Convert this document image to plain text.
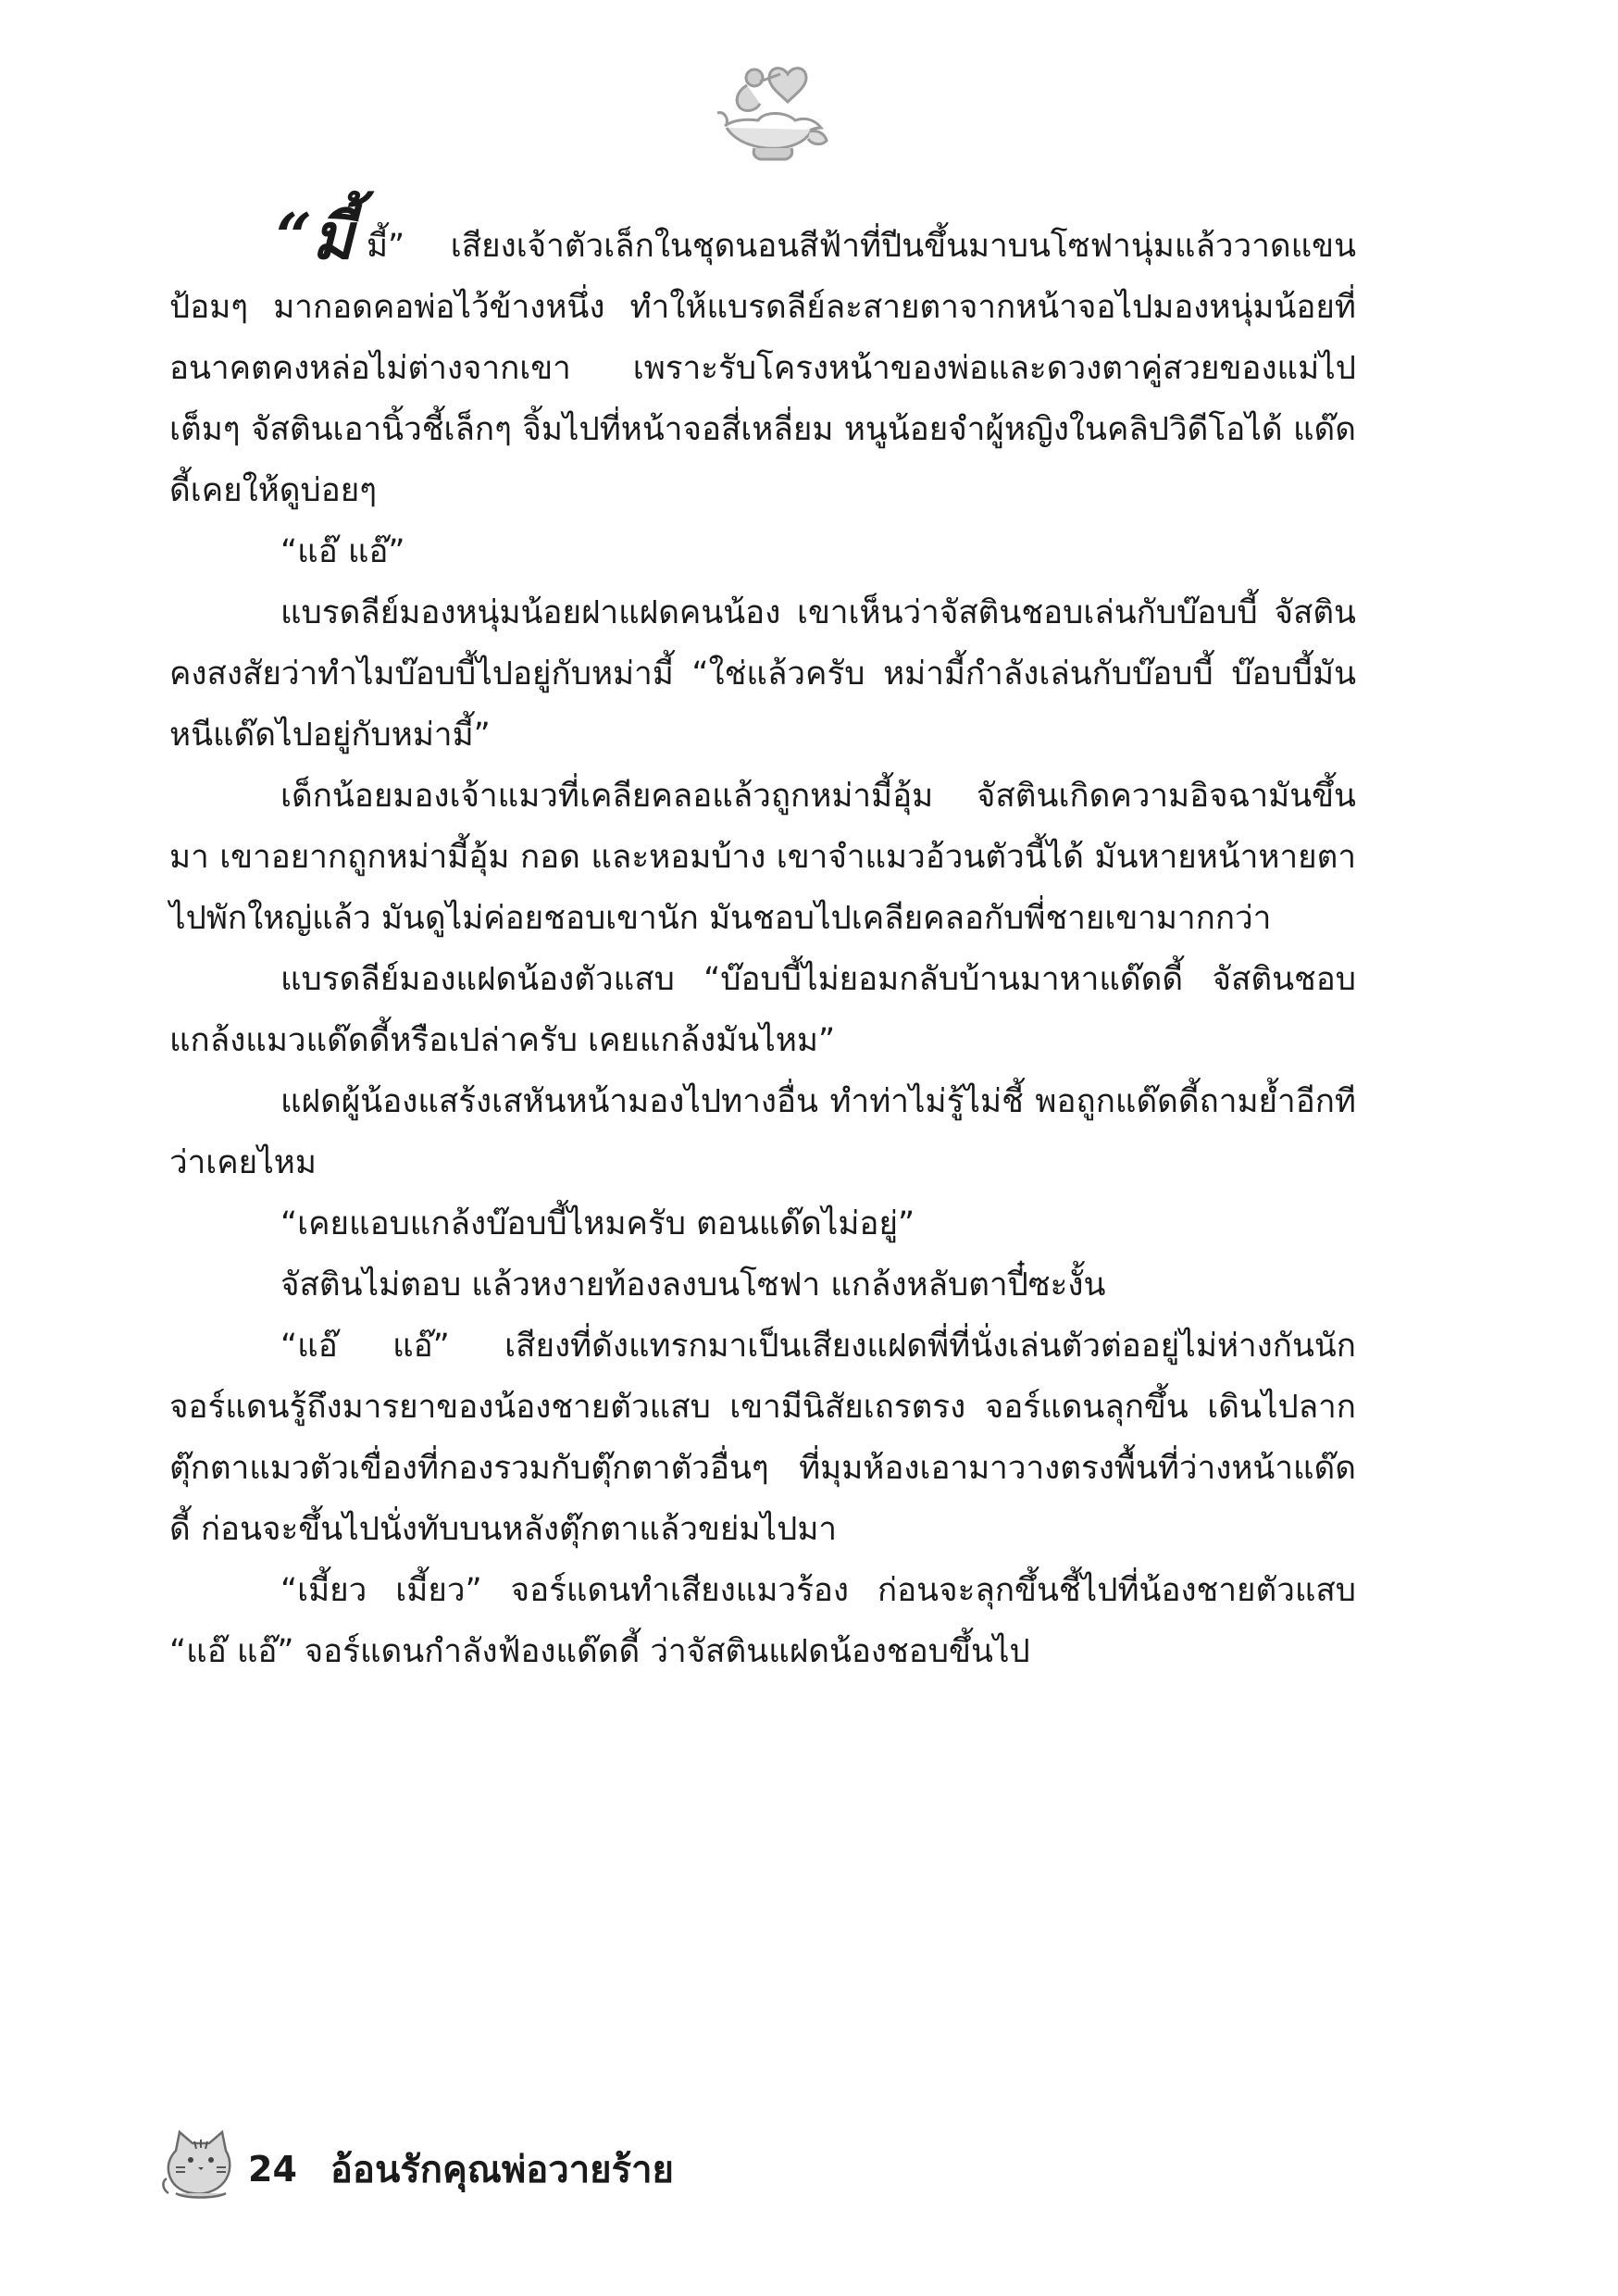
“มี้มี้” เสียงเจ้าตัวเล็กในชุดนอนสีฟ้าที่ปีนขึ้นมาบนโซฟานุ่มแล้ววาดแขนป้อมๆ มากอดคอพ่อไว้ข้างหนึ่ง ทำให้แบรดลีย์ละสายตาจากหน้าจอไปมองหนุ่มน้อยที่อนาคตคงหล่อไม่ต่างจากเขา เพราะรับโครงหน้าของพ่อและดวงตาคู่สวยของแม่ไปเต็มๆ จัสตินเอานิ้วชี้เล็กๆ จิ้มไปที่หน้าจอสี่เหลี่ยม หนูน้อยจำผู้หญิงในคลิปวิดีโอได้ แด๊ดดี้เคยให้ดูบ่อยๆ

“แอ๊ แอ๊”

แบรดลีย์มองหนุ่มน้อยฝาแฝดคนน้อง เขาเห็นว่าจัสตินชอบเล่นกับบ๊อบบี้ จัสตินคงสงสัยว่าทำไมบ๊อบบี้ไปอยู่กับหม่ามี้ “ใช่แล้วครับ หม่ามี้กำลังเล่นกับบ๊อบบี้ บ๊อบบี้มันหนีแด๊ดไปอยู่กับหม่ามี้”

เด็กน้อยมองเจ้าแมวที่เคลียคลอแล้วถูกหม่ามี้อุ้ม จัสตินเกิดความอิจฉามันขึ้นมา เขาอยากถูกหม่ามี้อุ้ม กอด และหอมบ้าง เขาจำแมวอ้วนตัวนี้ได้ มันหายหน้าหายตาไปพักใหญ่แล้ว มันดูไม่ค่อยชอบเขานัก มันชอบไปเคลียคลอกับพี่ชายเขามากกว่า

แบรดลีย์มองแฝดน้องตัวแสบ “บ๊อบบี้ไม่ยอมกลับบ้านมาหาแด๊ดดี้ จัสตินชอบแกล้งแมวแด๊ดดี้หรือเปล่าครับ เคยแกล้งมันไหม”

แฝดผู้น้องแสร้งเสหันหน้ามองไปทางอื่น ทำท่าไม่รู้ไม่ชี้ พอถูกแด๊ดดี้ถามย้ำอีกทีว่าเคยไหม

“เคยแอบแกล้งบ๊อบบี้ไหมครับ ตอนแด๊ดไม่อยู่”

จัสตินไม่ตอบ แล้วหงายท้องลงบนโซฟา แกล้งหลับตาปี๋ซะงั้น

“แอ๊ แอ๊” เสียงที่ดังแทรกมาเป็นเสียงแฝดพี่ที่นั่งเล่นตัวต่ออยู่ไม่ห่างกันนัก จอร์แดนรู้ถึงมารยาของน้องชายตัวแสบ เขามีนิสัยเถรตรง จอร์แดนลุกขึ้น เดินไปลากตุ๊กตาแมวตัวเขื่องที่กองรวมกับตุ๊กตาตัวอื่นๆ ที่มุมห้องเอามาวางตรงพื้นที่ว่างหน้าแด๊ดดี้ ก่อนจะขึ้นไปนั่งทับบนหลังตุ๊กตาแล้วขย่มไปมา

“เมี้ยว เมี้ยว” จอร์แดนทำเสียงแมวร้อง ก่อนจะลุกขึ้นชี้ไปที่น้องชายตัวแสบ “แอ๊ แอ๊” จอร์แดนกำลังฟ้องแด๊ดดี้ ว่าจัสตินแฝดน้องชอบขึ้นไป

24 อ้อนรักคุณพ่อวายร้าย
